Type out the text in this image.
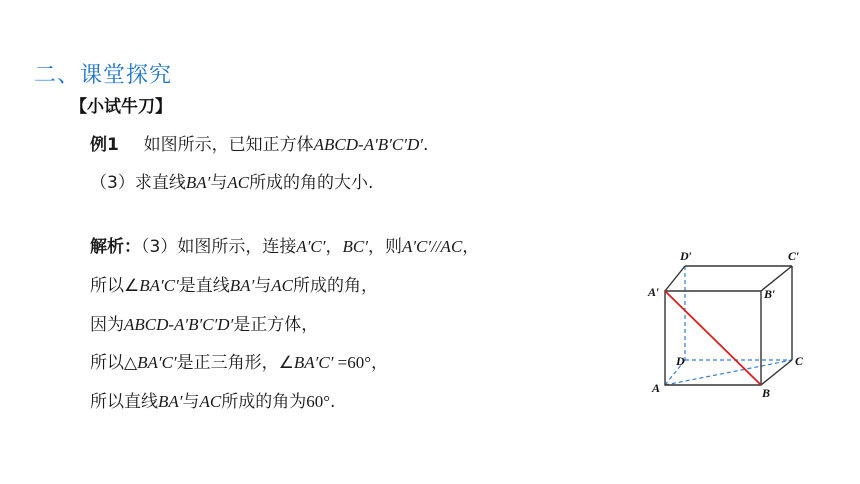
二、课堂探究
【小试牛刀】
例1 如图所示，已知正方体ABCD-A′B′C′D′.
（3）求直线BA′与AC所成的角的大小.
解析：（3）如图所示，连接A′C′，BC′，则A′C′//AC，
所以∠BA′C′是直线BA′与AC所成的角，
因为ABCD-A′B′C′D′是正方体，
所以△BA′C′是正三角形，∠BA′C′ =60°，
所以直线BA′与AC所成的角为60°.
D′	C′
A′	B′
D	C
A	B
